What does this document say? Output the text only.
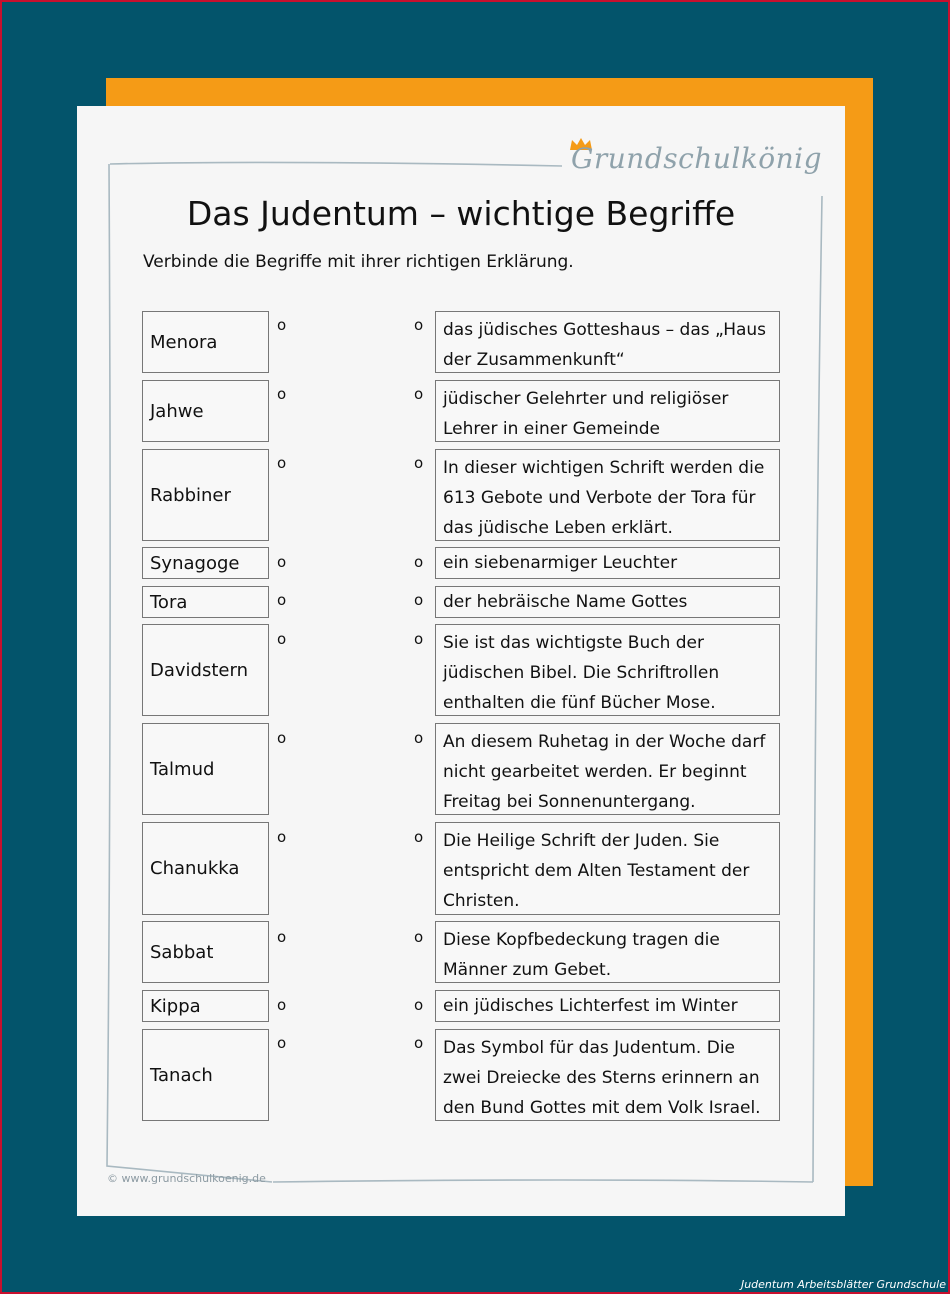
Grundschulkönig
Das Judentum – wichtige Begriffe
Verbinde die Begriffe mit ihrer richtigen Erklärung.
Menora
Jahwe
Rabbiner
Synagoge
Tora
Davidstern
Talmud
Chanukka
Sabbat
Kippa
Tanach
o
o
o
o
o
o
o
o
o
o
o
o
o
o
o
o
o
o
o
o
o
o
das jüdisches Gotteshaus – das „Haus der Zusammenkunft“
jüdischer Gelehrter und religiöser Lehrer in einer Gemeinde
In dieser wichtigen Schrift werden die 613 Gebote und Verbote der Tora für das jüdische Leben erklärt.
ein siebenarmiger Leuchter
der hebräische Name Gottes
Sie ist das wichtigste Buch der jüdischen Bibel. Die Schriftrollen enthalten die fünf Bücher Mose.
An diesem Ruhetag in der Woche darf nicht gearbeitet werden. Er beginnt Freitag bei Sonnenuntergang.
Die Heilige Schrift der Juden. Sie entspricht dem Alten Testament der Christen.
Diese Kopfbedeckung tragen die Männer zum Gebet.
ein jüdisches Lichterfest im Winter
Das Symbol für das Judentum. Die zwei Dreiecke des Sterns erinnern an den Bund Gottes mit dem Volk Israel.
© www.grundschulkoenig.de
Judentum Arbeitsblätter Grundschule
